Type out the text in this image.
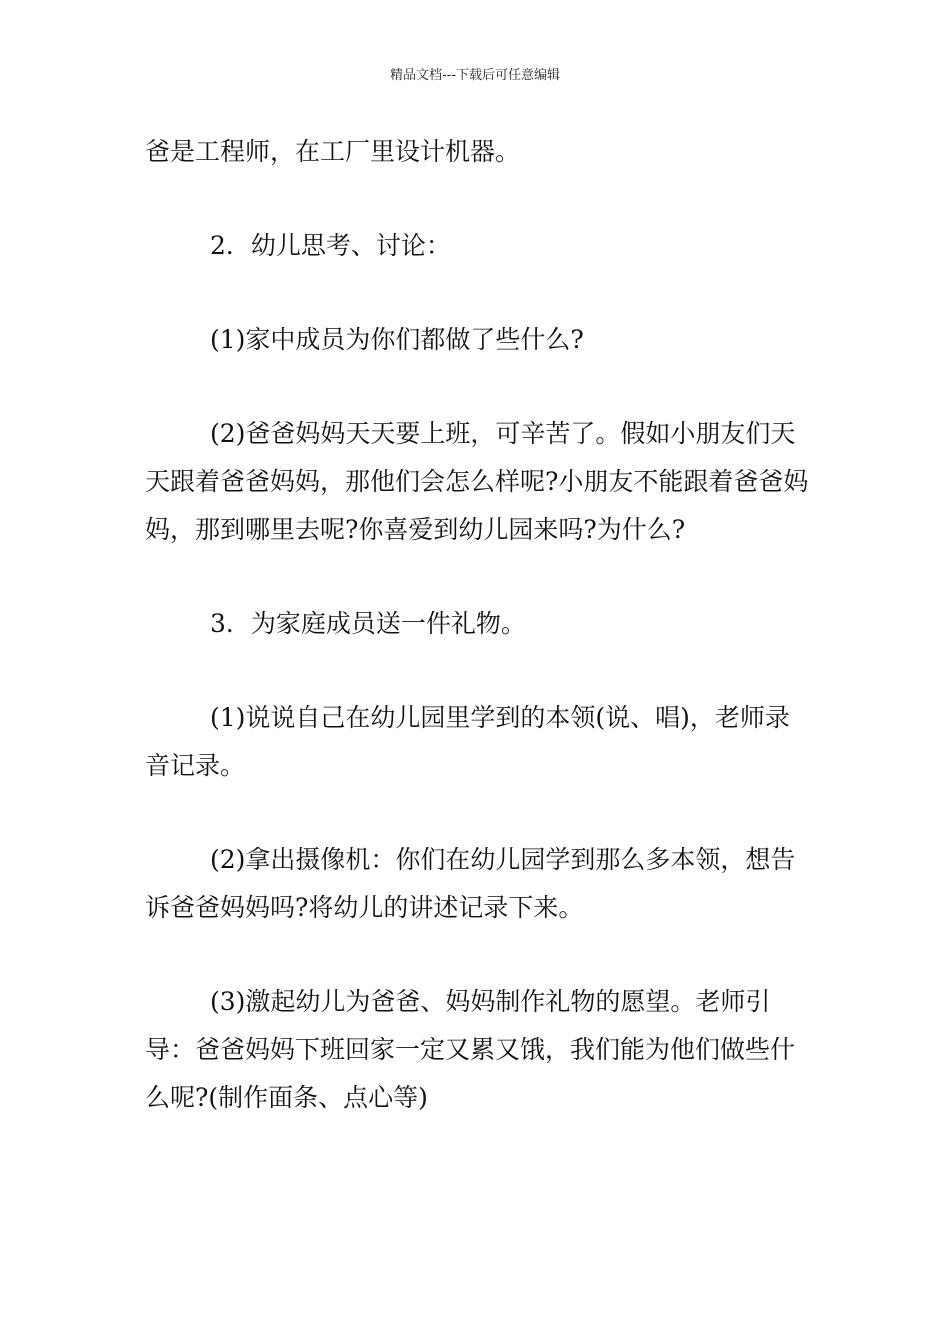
精品文档---下载后可任意编辑

爸是工程师，在工厂里设计机器。

2．幼儿思考、讨论：

(1)家中成员为你们都做了些什么?

(2)爸爸妈妈天天要上班，可辛苦了。假如小朋友们天天跟着爸爸妈妈，那他们会怎么样呢?小朋友不能跟着爸爸妈妈，那到哪里去呢?你喜爱到幼儿园来吗?为什么?

3．为家庭成员送一件礼物。

(1)说说自己在幼儿园里学到的本领(说、唱)，老师录音记录。

(2)拿出摄像机：你们在幼儿园学到那么多本领，想告诉爸爸妈妈吗?将幼儿的讲述记录下来。

(3)激起幼儿为爸爸、妈妈制作礼物的愿望。老师引导：爸爸妈妈下班回家一定又累又饿，我们能为他们做些什么呢?(制作面条、点心等)
